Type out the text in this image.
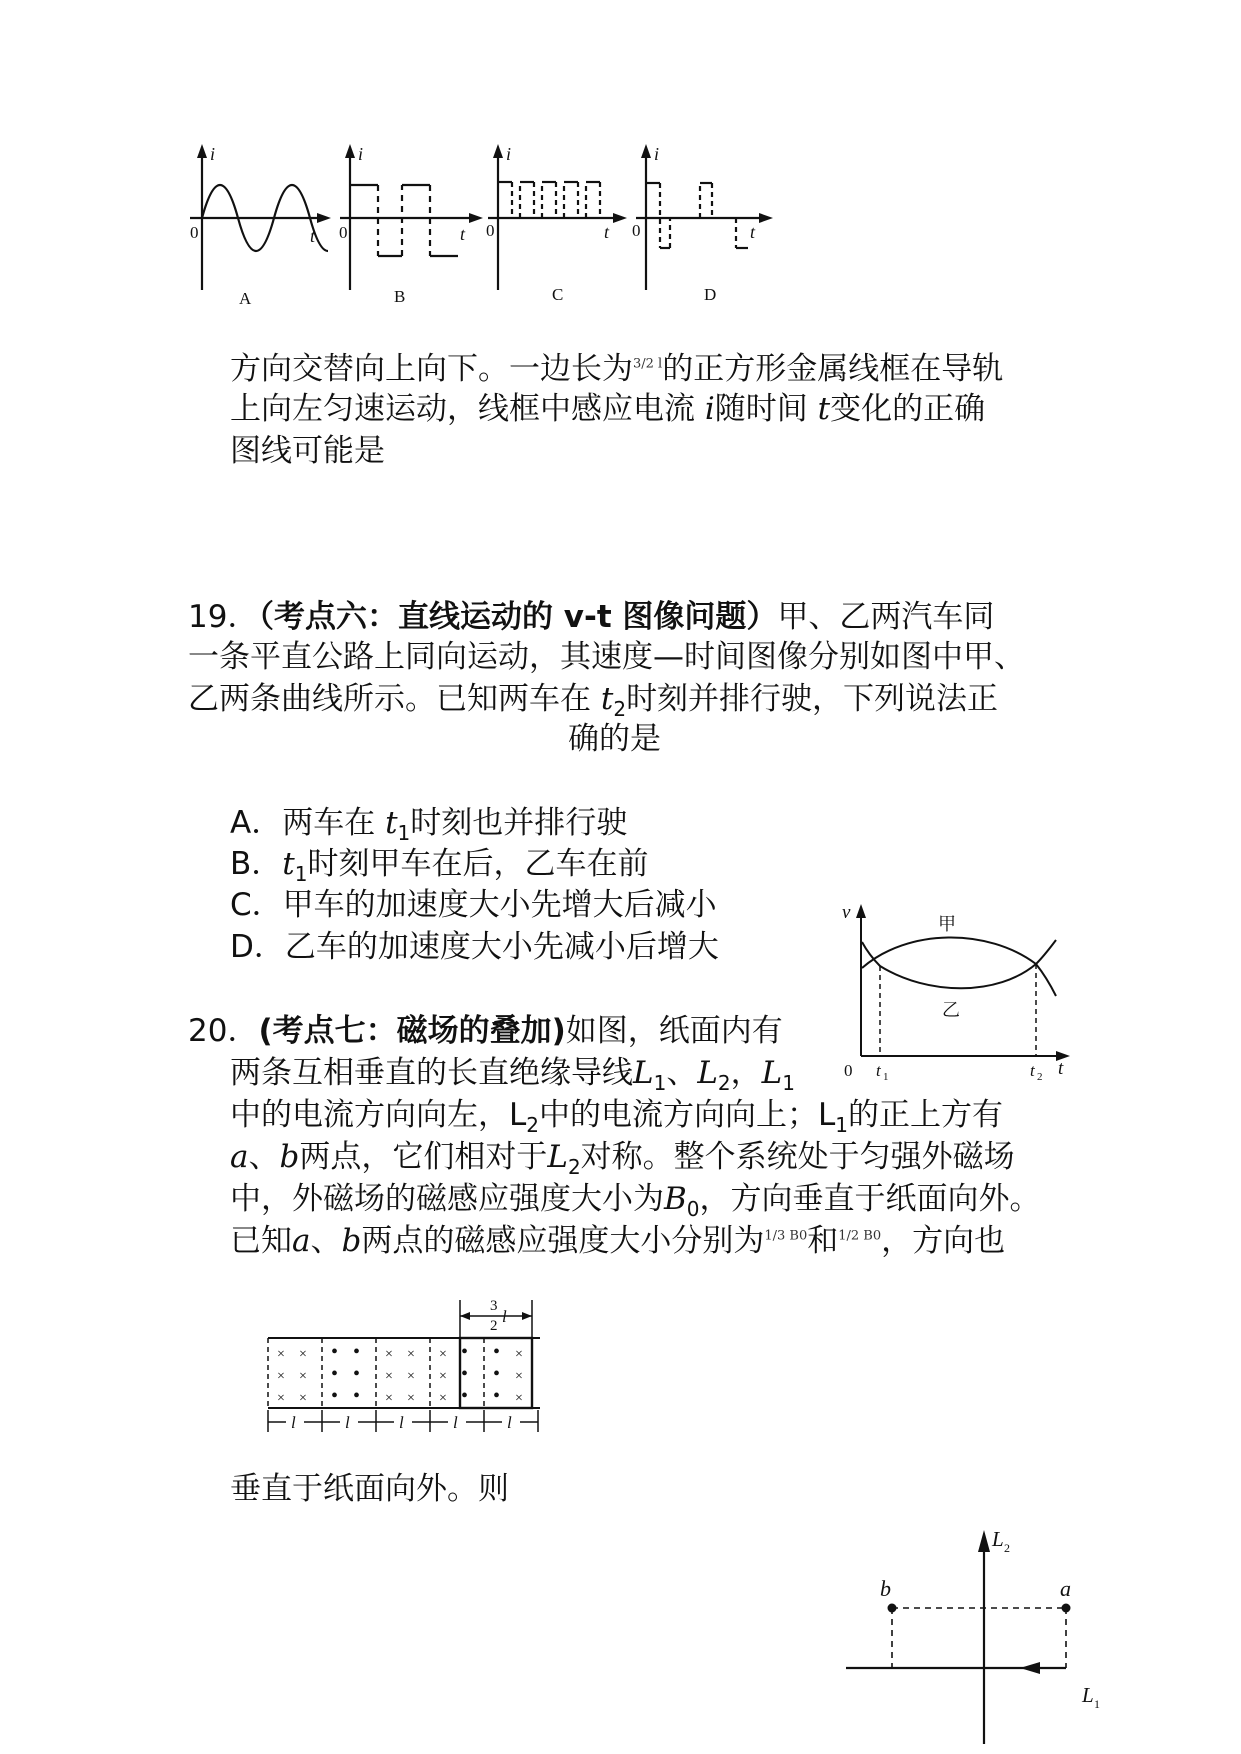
i
0	t
A
i
0	t
B
i
0	t
C
i
0	t
D
方向交替向上向下。一边长为$^{3/2 l}$的正方形金属线框在导轨
上向左匀速运动，线框中感应电流 i随时间 t变化的正确
图线可能是
19．（考点六：直线运动的 v-t 图像问题）甲、乙两汽车同
一条平直公路上同向运动，其速度—时间图像分别如图中甲、
乙两条曲线所示。已知两车在 $t_2$时刻并排行驶，下列说法正
确的是
A．两车在 $t_1$时刻也并排行驶
B．$t_1$时刻甲车在后，乙车在前
C．甲车的加速度大小先增大后减小
D．乙车的加速度大小先减小后增大
v
甲
乙
0 t 1	t 2 t
20．(考点七：磁场的叠加)如图，纸面内有
两条互相垂直的长直绝缘导线$L_1$、$L_2$，$L_1$
中的电流方向向左，$L_2$中的电流方向向上；$L_1$的正上方有
a、b两点，它们相对于$L_2$对称。整个系统处于匀强外磁场
中，外磁场的磁感应强度大小为$B_0$，方向垂直于纸面向外。
已知a、b两点的磁感应强度大小分别为$^{1/3 B0}$和$^{1/2 B0}$，方向也
× ×
× ×
× ×
• •
• •
• •
× ×
× ×
× ×
× •
× •
× •
• ×
• ×
• ×
3
2 l
l	l	l	l	l
垂直于纸面向外。则
b	a
L 2
L 1
